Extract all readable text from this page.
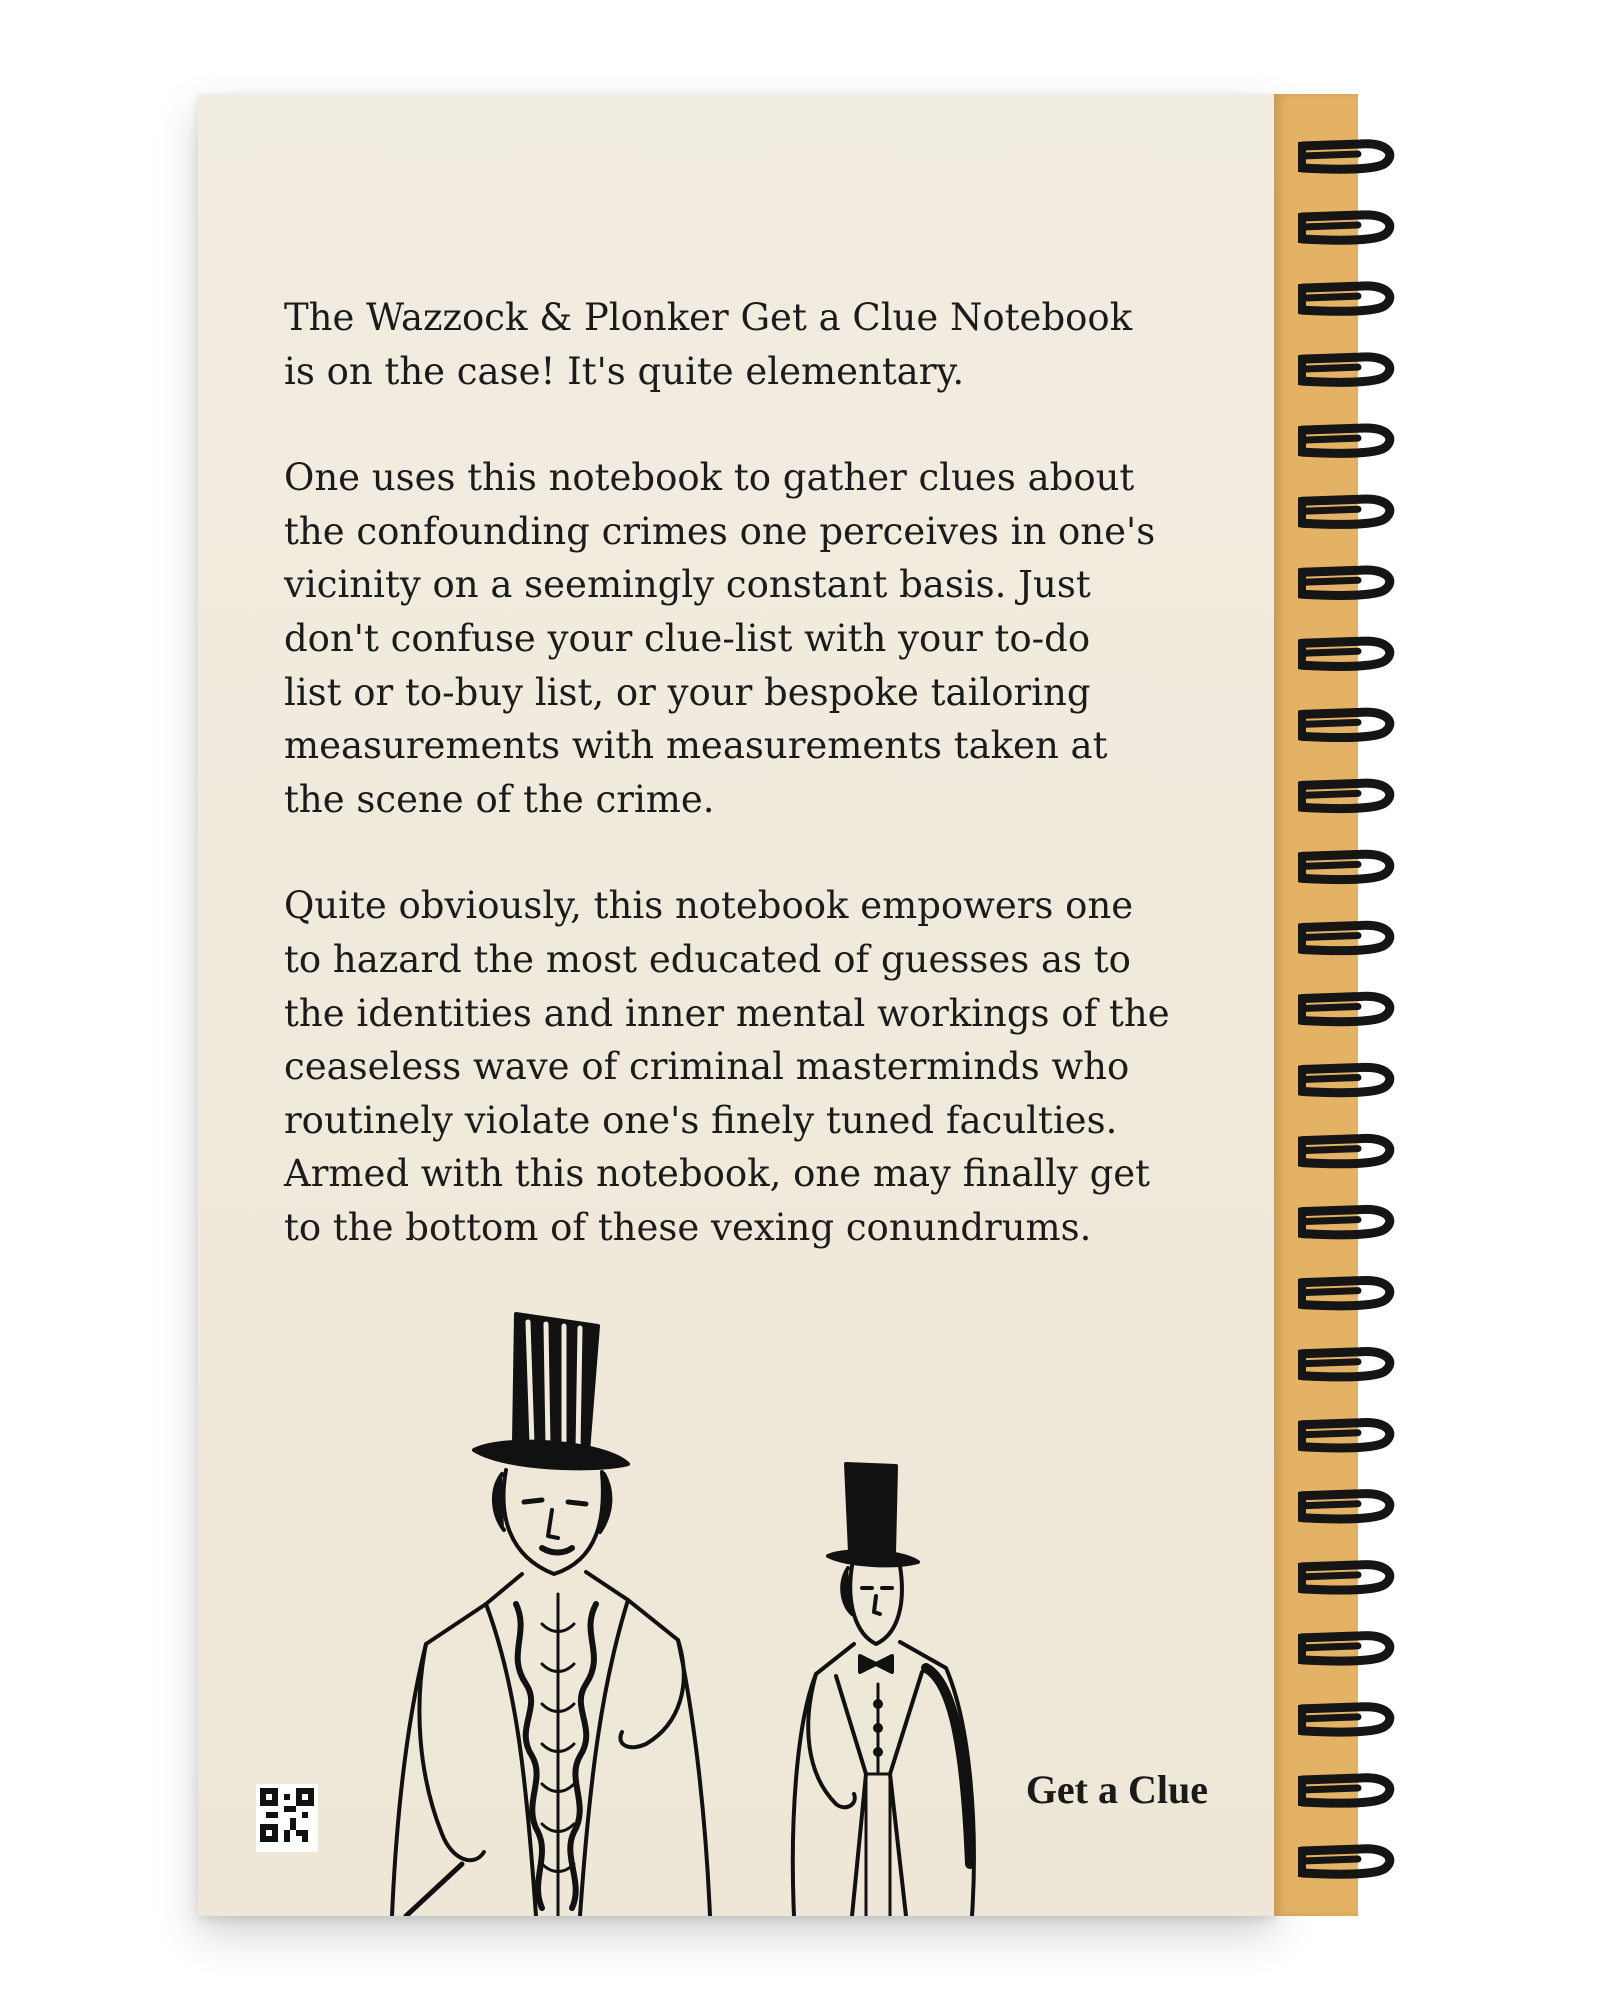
The Wazzock & Plonker Get a Clue Notebook
is on the case! It's quite elementary.

One uses this notebook to gather clues about
the confounding crimes one perceives in one's
vicinity on a seemingly constant basis. Just
don't confuse your clue-list with your to-do
list or to-buy list, or your bespoke tailoring
measurements with measurements taken at
the scene of the crime.

Quite obviously, this notebook empowers one
to hazard the most educated of guesses as to
the identities and inner mental workings of the
ceaseless wave of criminal masterminds who
routinely violate one's finely tuned faculties.
Armed with this notebook, one may finally get
to the bottom of these vexing conundrums.

Get a Clue
